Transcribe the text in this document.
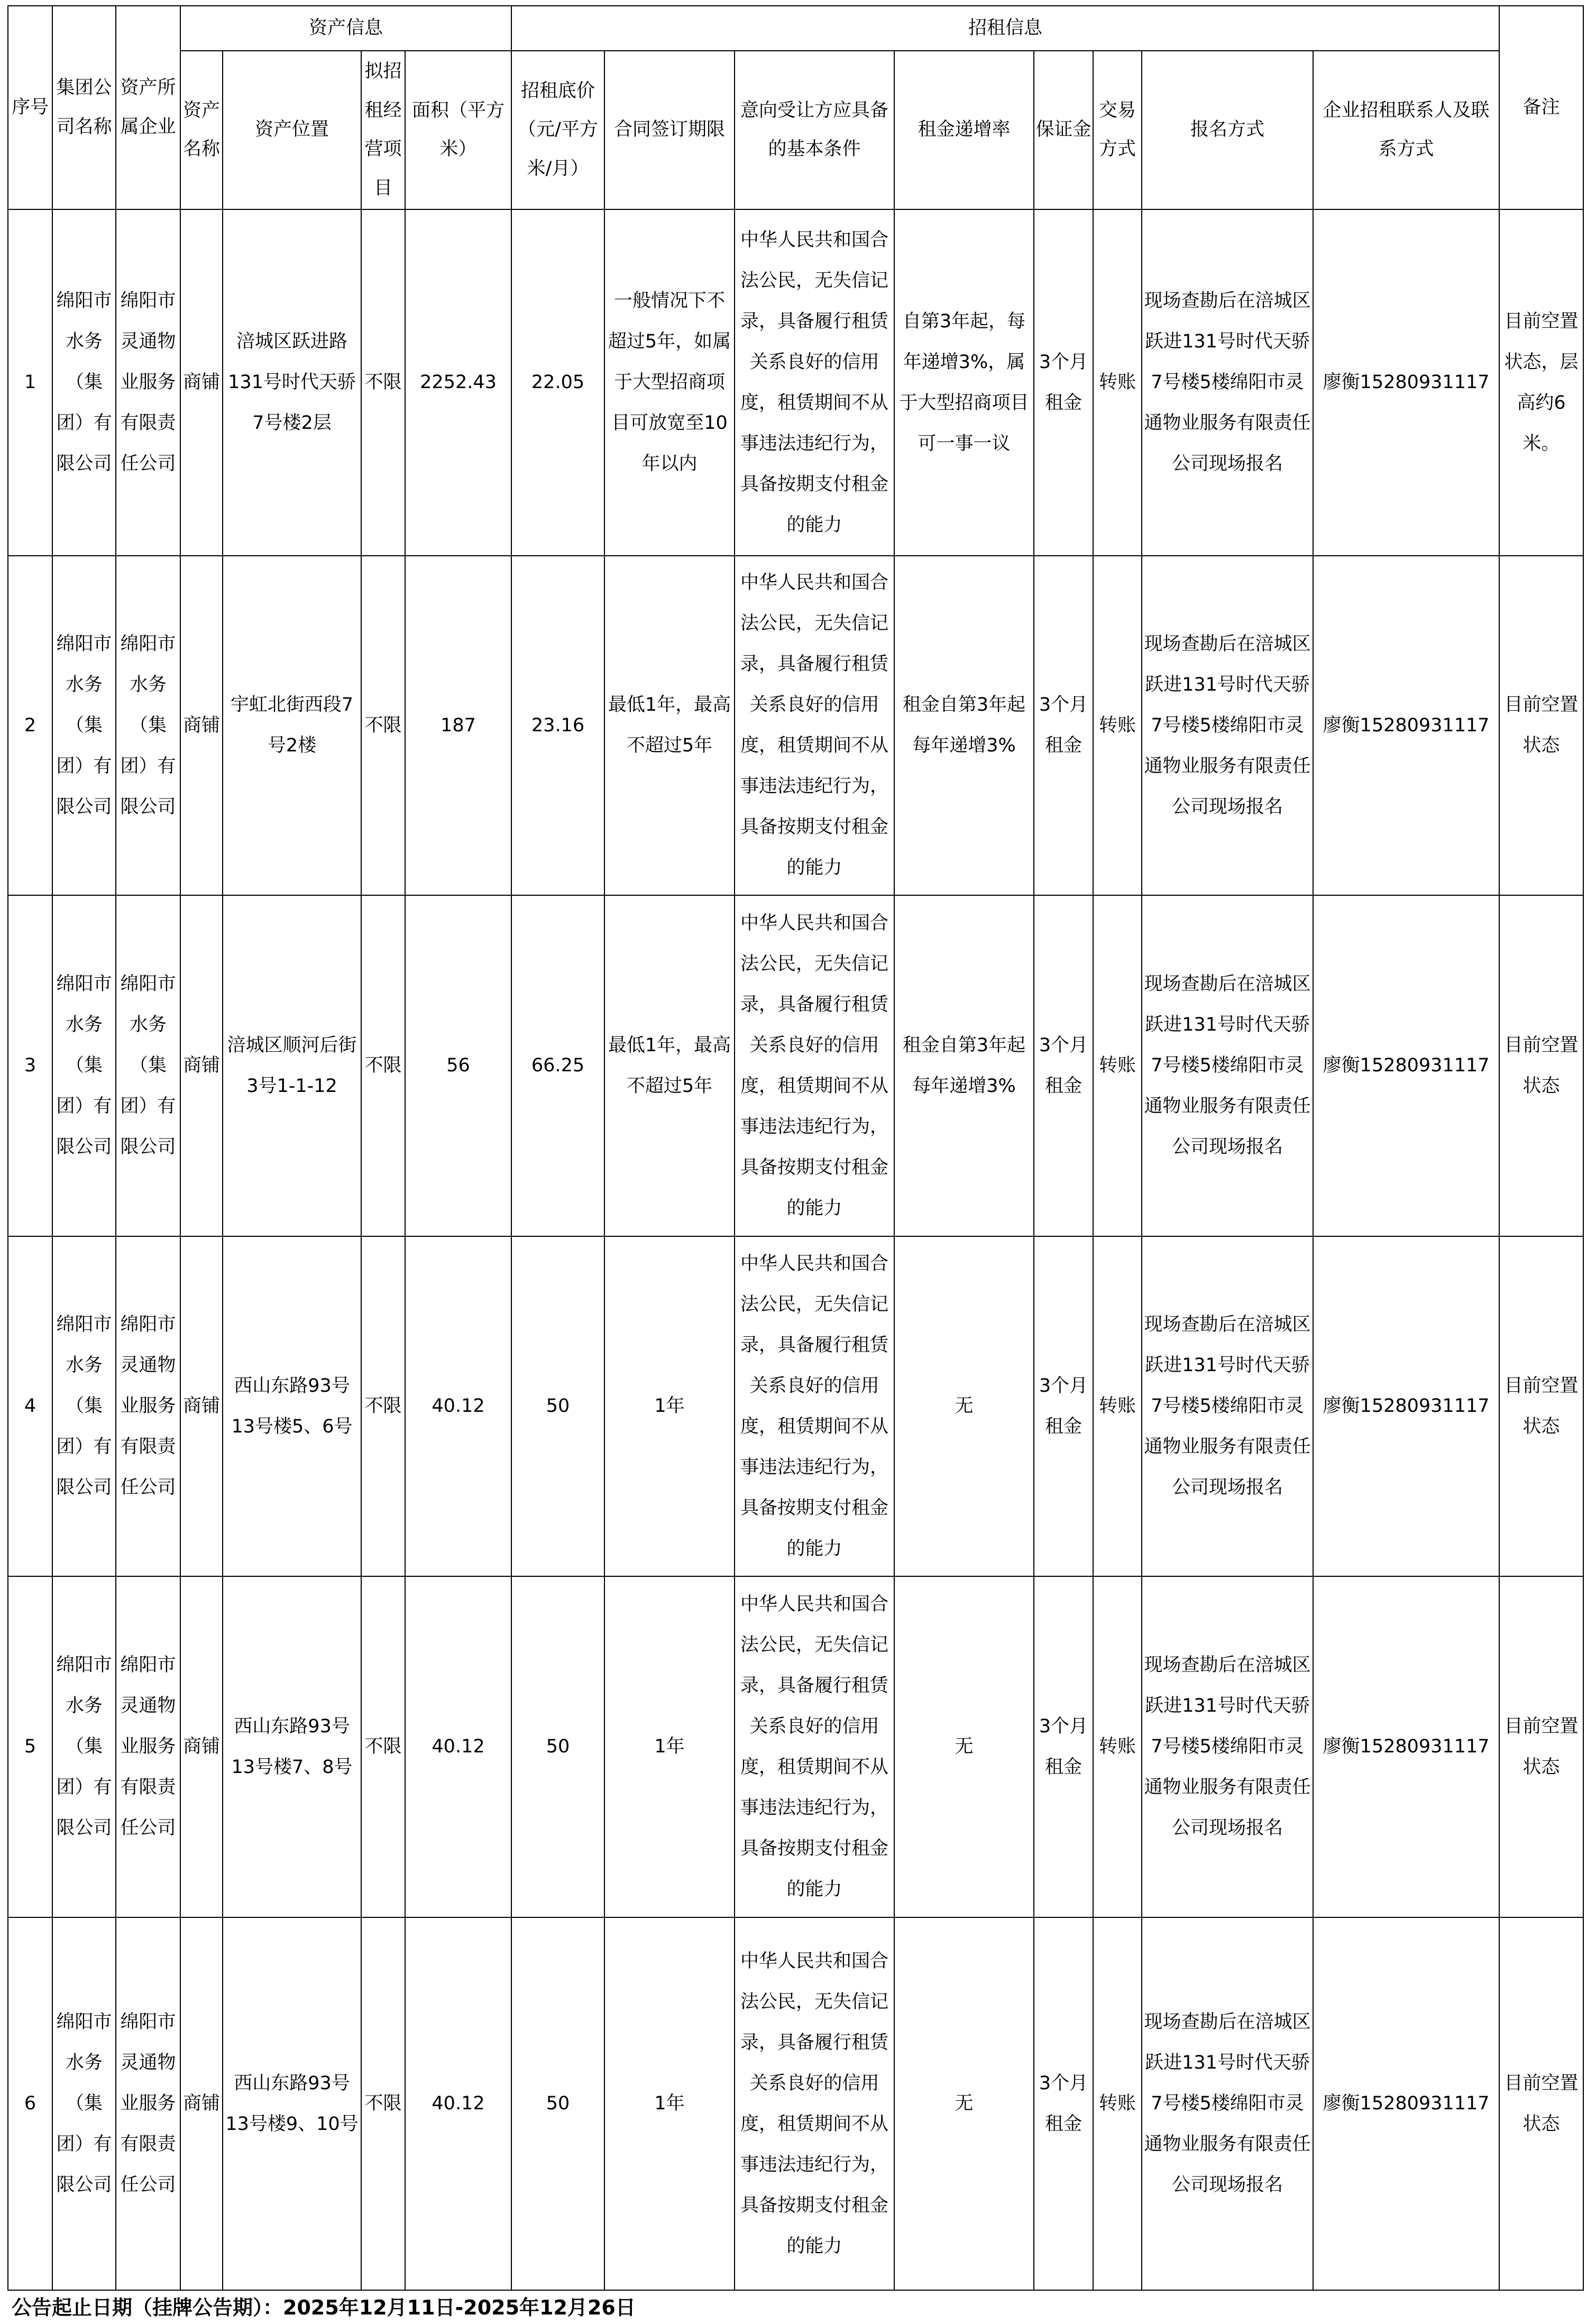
序号	集团公司名称	资产所属企业	资产信息				招租信息								备注
			资产名称	资产位置	拟招租经营项目	面积（平方米）	招租底价（元/平方米/月）	合同签订期限	意向受让方应具备的基本条件	租金递增率	保证金	交易方式	报名方式	企业招租联系人及联系方式	
1	绵阳市水务（集团）有限公司	绵阳市灵通物业服务有限责任公司	商铺	涪城区跃进路131号时代天骄7号楼2层	不限	2252.43	22.05	一般情况下不超过5年，如属于大型招商项目可放宽至10年以内	中华人民共和国合法公民，无失信记录，具备履行租赁关系良好的信用度，租赁期间不从事违法违纪行为，具备按期支付租金的能力	自第3年起，每年递增3%，属于大型招商项目可一事一议	3个月租金	转账	现场查勘后在涪城区跃进131号时代天骄7号楼5楼绵阳市灵通物业服务有限责任公司现场报名	廖衡15280931117	目前空置状态，层高约6米。
2	绵阳市水务（集团）有限公司	绵阳市水务（集团）有限公司	商铺	宇虹北街西段7号2楼	不限	187	23.16	最低1年，最高不超过5年	中华人民共和国合法公民，无失信记录，具备履行租赁关系良好的信用度，租赁期间不从事违法违纪行为，具备按期支付租金的能力	租金自第3年起每年递增3%	3个月租金	转账	现场查勘后在涪城区跃进131号时代天骄7号楼5楼绵阳市灵通物业服务有限责任公司现场报名	廖衡15280931117	目前空置状态
3	绵阳市水务（集团）有限公司	绵阳市水务（集团）有限公司	商铺	涪城区顺河后街3号1-1-12	不限	56	66.25	最低1年，最高不超过5年	中华人民共和国合法公民，无失信记录，具备履行租赁关系良好的信用度，租赁期间不从事违法违纪行为，具备按期支付租金的能力	租金自第3年起每年递增3%	3个月租金	转账	现场查勘后在涪城区跃进131号时代天骄7号楼5楼绵阳市灵通物业服务有限责任公司现场报名	廖衡15280931117	目前空置状态
4	绵阳市水务（集团）有限公司	绵阳市灵通物业服务有限责任公司	商铺	西山东路93号13号楼5、6号	不限	40.12	50	1年	中华人民共和国合法公民，无失信记录，具备履行租赁关系良好的信用度，租赁期间不从事违法违纪行为，具备按期支付租金的能力	无	3个月租金	转账	现场查勘后在涪城区跃进131号时代天骄7号楼5楼绵阳市灵通物业服务有限责任公司现场报名	廖衡15280931117	目前空置状态
5	绵阳市水务（集团）有限公司	绵阳市灵通物业服务有限责任公司	商铺	西山东路93号13号楼7、8号	不限	40.12	50	1年	中华人民共和国合法公民，无失信记录，具备履行租赁关系良好的信用度，租赁期间不从事违法违纪行为，具备按期支付租金的能力	无	3个月租金	转账	现场查勘后在涪城区跃进131号时代天骄7号楼5楼绵阳市灵通物业服务有限责任公司现场报名	廖衡15280931117	目前空置状态
6	绵阳市水务（集团）有限公司	绵阳市灵通物业服务有限责任公司	商铺	西山东路93号13号楼9、10号	不限	40.12	50	1年	中华人民共和国合法公民，无失信记录，具备履行租赁关系良好的信用度，租赁期间不从事违法违纪行为，具备按期支付租金的能力	无	3个月租金	转账	现场查勘后在涪城区跃进131号时代天骄7号楼5楼绵阳市灵通物业服务有限责任公司现场报名	廖衡15280931117	目前空置状态
公告起止日期（挂牌公告期）：2025年12月11日-2025年12月26日
